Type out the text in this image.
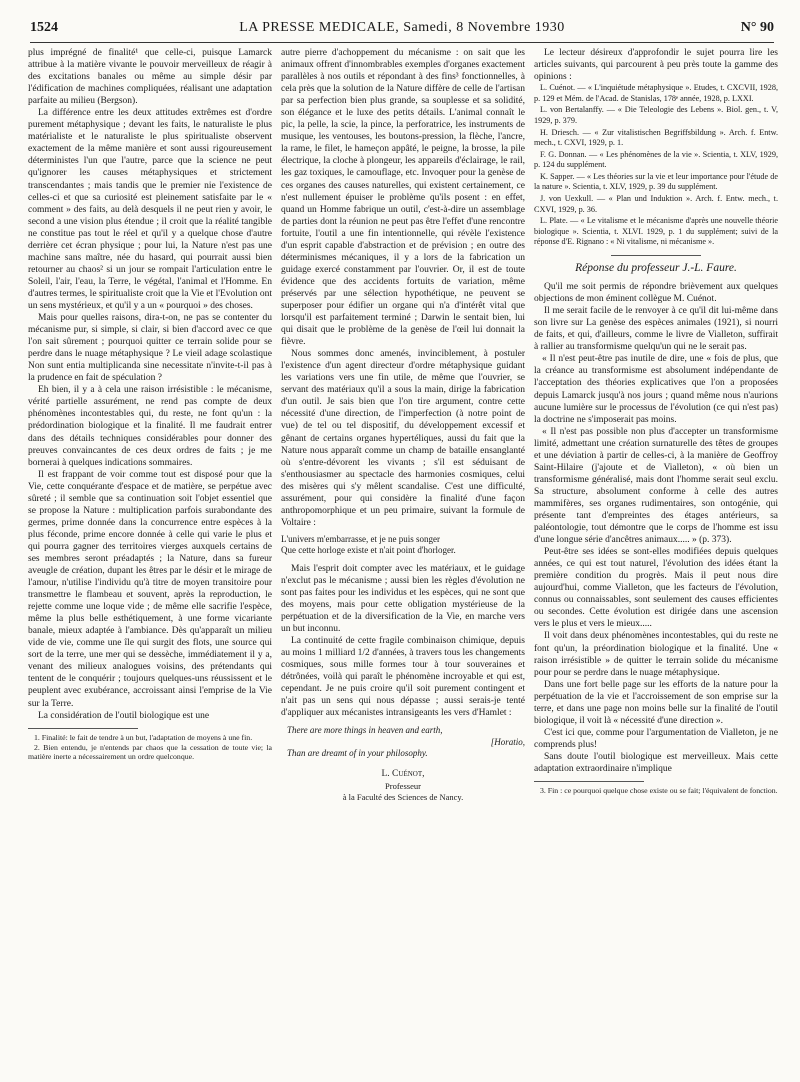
1524	LA PRESSE MEDICALE, Samedi, 8 Novembre 1930	N° 90

plus imprégné de finalité¹ que celle-ci, puisque Lamarck attribue à la matière vivante le pouvoir merveilleux de réagir à des excitations banales ou même au simple désir par l'édification de machines compliquées, réalisant une adaptation parfaite au milieu (Bergson).

La différence entre les deux attitudes extrêmes est d'ordre purement métaphysique ; devant les faits, le naturaliste le plus matérialiste et le naturaliste le plus spiritualiste observent exactement de la même manière et sont aussi rigoureusement déterministes l'un que l'autre, parce que la science ne peut qu'ignorer les causes métaphysiques et strictement transcendantes ; mais tandis que le premier nie l'existence de celles-ci et que sa curiosité est pleinement satisfaite par le « comment » des faits, au delà desquels il ne peut rien y avoir, le second a une vision plus étendue ; il croit que la réalité tangible ne constitue pas tout le réel et qu'il y a quelque chose d'autre derrière cet écran physique ; pour lui, la Nature n'est pas une machine sans maître, née du hasard, qui pourrait aussi bien retourner au chaos² si un jour se rompait l'articulation entre le Soleil, l'air, l'eau, la Terre, le végétal, l'animal et l'Homme. En d'autres termes, le spiritualiste croit que la Vie et l'Evolution ont un sens mystérieux, et qu'il y a un « pourquoi » des choses.

Mais pour quelles raisons, dira-t-on, ne pas se contenter du mécanisme pur, si simple, si clair, si bien d'accord avec ce que l'on sait sûrement ; pourquoi quitter ce terrain solide pour se perdre dans le nuage métaphysique ? Le vieil adage scolastique Non sunt entia multiplicanda sine necessitate n'invite-t-il pas à la prudence en fait de spéculation ?

Eh bien, il y a à cela une raison irrésistible : le mécanisme, vérité partielle assurément, ne rend pas compte de deux phénomènes incontestables qui, du reste, ne font qu'un : la prédordination biologique et la finalité. Il me faudrait entrer dans des détails techniques considérables pour donner des preuves convaincantes de ces deux ordres de faits ; je me bornerai à quelques indications sommaires.

Il est frappant de voir comme tout est disposé pour que la Vie, cette conquérante d'espace et de matière, se perpétue avec sûreté ; il semble que sa continuation soit l'objet essentiel que se propose la Nature : multiplication parfois surabondante des germes, prime donnée dans la concurrence entre espèces à la plus féconde, prime encore donnée à celle qui varie le plus et qui pourra gagner des territoires vierges auxquels certains de ses membres seront préadaptés ; la Nature, dans sa fureur aveugle de création, dupant les êtres par le désir et le mirage de l'amour, n'utilise l'individu qu'à titre de moyen transitoire pour transmettre le flambeau et souvent, après la reproduction, le rejette comme une loque vide ; de même elle sacrifie l'espèce, même la plus belle esthétiquement, à une forme vicariante banale, mieux adaptée à l'ambiance. Dès qu'apparaît un milieu vide de vie, comme une île qui surgit des flots, une source qui sort de la terre, une mer qui se dessèche, immédiatement il y a, venant des milieux analogues voisins, des prétendants qui tentent de le conquérir ; toujours quelques-uns réussissent et le peuplent avec exubérance, accroissant ainsi l'emprise de la Vie sur la Terre.

La considération de l'outil biologique est une

1. Finalité: le fait de tendre à un but, l'adaptation de moyens à une fin.

2. Bien entendu, je n'entends par chaos que la cessation de toute vie; la matière inerte a nécessairement un ordre quelconque.

autre pierre d'achoppement du mécanisme : on sait que les animaux offrent d'innombrables exemples d'organes exactement parallèles à nos outils et répondant à des fins³ fonctionnelles, à cela près que la solution de la Nature diffère de celle de l'artisan par sa perfection bien plus grande, sa souplesse et sa solidité, son élégance et le luxe des petits détails. L'animal connaît le pic, la pelle, la scie, la pince, la perforatrice, les instruments de musique, les ventouses, les boutons-pression, la flèche, l'ancre, la rame, le filet, le hameçon appâté, le peigne, la brosse, la pile électrique, la cloche à plongeur, les appareils d'éclairage, le rail, les gaz toxiques, le camouflage, etc. Invoquer pour la genèse de ces organes des causes naturelles, qui existent certainement, ce n'est nullement épuiser le problème qu'ils posent : en effet, quand un Homme fabrique un outil, c'est-à-dire un assemblage de parties dont la réunion ne peut pas être l'effet d'une rencontre fortuite, l'outil a une fin intentionnelle, qui révèle l'existence d'un esprit capable d'abstraction et de prévision ; en outre des déterminismes mécaniques, il y a lors de la fabrication un guidage exercé constamment par l'ouvrier. Or, il est de toute évidence que des accidents fortuits de variation, même préservés par une sélection hypothétique, ne peuvent se superposer pour édifier un organe qui n'a d'intérêt vital que lorsqu'il est parfaitement terminé ; Darwin le sentait bien, lui qui disait que le problème de la genèse de l'œil lui donnait la fièvre.

Nous sommes donc amenés, invinciblement, à postuler l'existence d'un agent directeur d'ordre métaphysique guidant les variations vers une fin utile, de même que l'ouvrier, se servant des matériaux qu'il a sous la main, dirige la fabrication d'un outil. Je sais bien que l'on tire argument, contre cette nécessité d'une direction, de l'imperfection (à notre point de vue) de tel ou tel dispositif, du développement excessif et gênant de certains organes hypertéliques, aussi du fait que la Nature nous apparaît comme un champ de bataille ensanglanté où s'entre-dévorent les vivants ; s'il est séduisant de s'enthousiasmer au spectacle des harmonies cosmiques, celui des misères qui s'y mêlent scandalise. C'est une difficulté, assurément, pour qui considère la finalité d'une façon anthropomorphique et un peu primaire, suivant la formule de Voltaire :

L'univers m'embarrasse, et je ne puis songer
Que cette horloge existe et n'ait point d'horloger.

Mais l'esprit doit compter avec les matériaux, et le guidage n'exclut pas le mécanisme ; aussi bien les règles d'évolution ne sont pas faites pour les individus et les espèces, qui ne sont que des moyens, mais pour cette obligation mystérieuse de la perpétuation et de la diversification de la Vie, en marche vers un but inconnu.

La continuité de cette fragile combinaison chimique, depuis au moins 1 milliard 1/2 d'années, à travers tous les changements cosmiques, sous mille formes tour à tour souveraines et détrônées, voilà qui paraît le phénomène incroyable et qui est, cependant. Je ne puis croire qu'il soit purement contingent et n'ait pas un sens qui nous dépasse ; aussi serais-je tenté d'appliquer aux mécanistes intransigeants les vers d'Hamlet :

There are more things in heaven and earth,
[Horatio,
Than are dreamt of in your philosophy.

L. Cuénot,

Professeur

à la Faculté des Sciences de Nancy.

Le lecteur désireux d'approfondir le sujet pourra lire les articles suivants, qui parcourent à peu près toute la gamme des opinions :

L. Cuénot. — « L'inquiétude métaphysique ». Etudes, t. CXCVII, 1928, p. 129 et Mém. de l'Acad. de Stanislas, 178ᵉ année, 1928, p. LXXI.

L. von Bertalanffy. — « Die Teleologie des Lebens ». Biol. gen., t. V, 1929, p. 379.

H. Driesch. — « Zur vitalistischen Begriffsbildung ». Arch. f. Entw. mech., t. CXVI, 1929, p. 1.

F. G. Donnan. — « Les phénomènes de la vie ». Scientia, t. XLV, 1929, p. 124 du supplément.

K. Sapper. — « Les théories sur la vie et leur importance pour l'étude de la nature ». Scientia, t. XLV, 1929, p. 39 du supplément.

J. von Uexkull. — « Plan und Induktion ». Arch. f. Entw. mech., t. CXVI, 1929, p. 36.

L. Plate. — « Le vitalisme et le mécanisme d'après une nouvelle théorie biologique ». Scientia, t. XLVI. 1929, p. 1 du supplément; suivi de la réponse d'E. Rignano : « Ni vitalisme, ni mécanisme ».

Réponse du professeur J.-L. Faure.

Qu'il me soit permis de répondre brièvement aux quelques objections de mon éminent collègue M. Cuénot.

Il me serait facile de le renvoyer à ce qu'il dit lui-même dans son livre sur La genèse des espèces animales (1921), si nourri de faits, et qui, d'ailleurs, comme le livre de Vialleton, suffirait à rallier au transformisme quelqu'un qui ne le serait pas.

« Il n'est peut-être pas inutile de dire, une « fois de plus, que la créance au transformisme est absolument indépendante de l'acceptation des théories explicatives que l'on a proposées depuis Lamarck jusqu'à nos jours ; quand même nous n'aurions aucune lumière sur le processus de l'évolution (ce qui n'est pas) la doctrine ne s'imposerait pas moins.

« Il n'est pas possible non plus d'accepter un transformisme limité, admettant une création surnaturelle des têtes de groupes et une déviation à partir de celles-ci, à la manière de Geoffroy Saint-Hilaire (j'ajoute et de Vialleton), « où bien un transformisme généralisé, mais dont l'homme serait seul exclu. Sa structure, absolument conforme à celle des autres mammifères, ses organes rudimentaires, son ontogénie, qui présente tant d'empreintes des étages antérieurs, sa paléontologie, tout démontre que le corps de l'homme est issu d'une longue série d'ancêtres animaux..... » (p. 373).

Peut-être ses idées se sont-elles modifiées depuis quelques années, ce qui est tout naturel, l'évolution des idées étant la première condition du progrès. Mais il peut nous dire aujourd'hui, comme Vialleton, que les facteurs de l'évolution, connus ou connaissables, sont seulement des causes efficientes ou secondes. Cette évolution est dirigée dans une ascension vers le plus et vers le mieux.....

Il voit dans deux phénomènes incontestables, qui du reste ne font qu'un, la préordination biologique et la finalité. Une « raison irrésistible » de quitter le terrain solide du mécanisme pour pour se perdre dans le nuage métaphysique.

Dans une fort belle page sur les efforts de la nature pour la perpétuation de la vie et l'accroissement de son emprise sur la terre, et dans une page non moins belle sur la finalité de l'outil biologique, il voit là « nécessité d'une direction ».

C'est ici que, comme pour l'argumentation de Vialleton, je ne comprends plus!

Sans doute l'outil biologique est merveilleux. Mais cette adaptation extraordinaire n'implique

3. Fin : ce pourquoi quelque chose existe ou se fait; l'équivalent de fonction.
